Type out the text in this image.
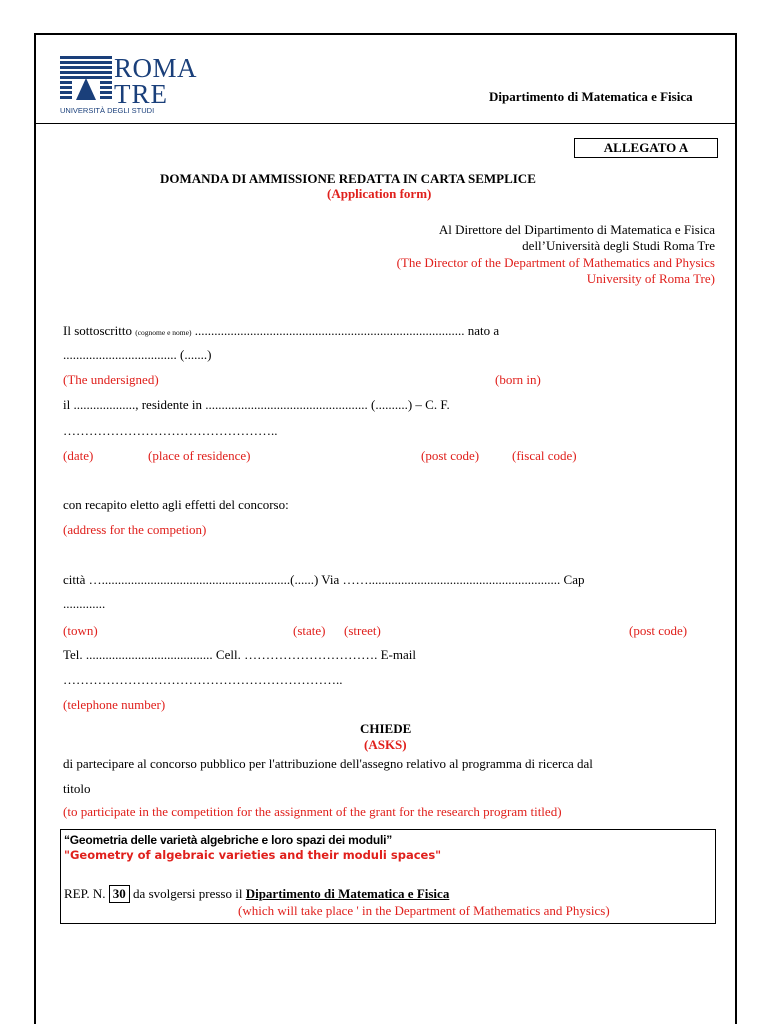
ROMA
TRE
UNIVERSITÀ DEGLI STUDI
Dipartimento di Matematica e Fisica
ALLEGATO A
DOMANDA DI AMMISSIONE REDATTA IN CARTA SEMPLICE
(Application form)
Al Direttore del Dipartimento di Matematica e Fisica
dell’Università degli Studi Roma Tre
(The Director of the Department of Mathematics and Physics
University of Roma Tre)
Il sottoscritto (cognome e nome) ................................................................................... nato a
................................... (.......)
(The undersigned)	(born in)
il ..................., residente in .................................................. (..........) – C. F.
…………………………………………..
(date)	(place of residence)	(post code)	(fiscal code)
con recapito eletto agli effetti del concorso:
(address for the competion)
città …..........................................................(......) Via ……........................................................... Cap
.............
(town)	(state) (street)	(post code)
Tel. ....................................... Cell. …………………………. E-mail
………………………………………………………..
(telephone number)
CHIEDE
(ASKS)
di partecipare al concorso pubblico per l'attribuzione dell'assegno relativo al programma di ricerca dal
titolo
(to participate in the competition for the assignment of the grant for the research program titled)
“Geometria delle varietà algebriche e loro spazi dei moduli”
"Geometry of algebraic varieties and their moduli spaces"
REP. N. 30 da svolgersi presso il Dipartimento di Matematica e Fisica
(which will take place ' in the Department of Mathematics and Physics)
